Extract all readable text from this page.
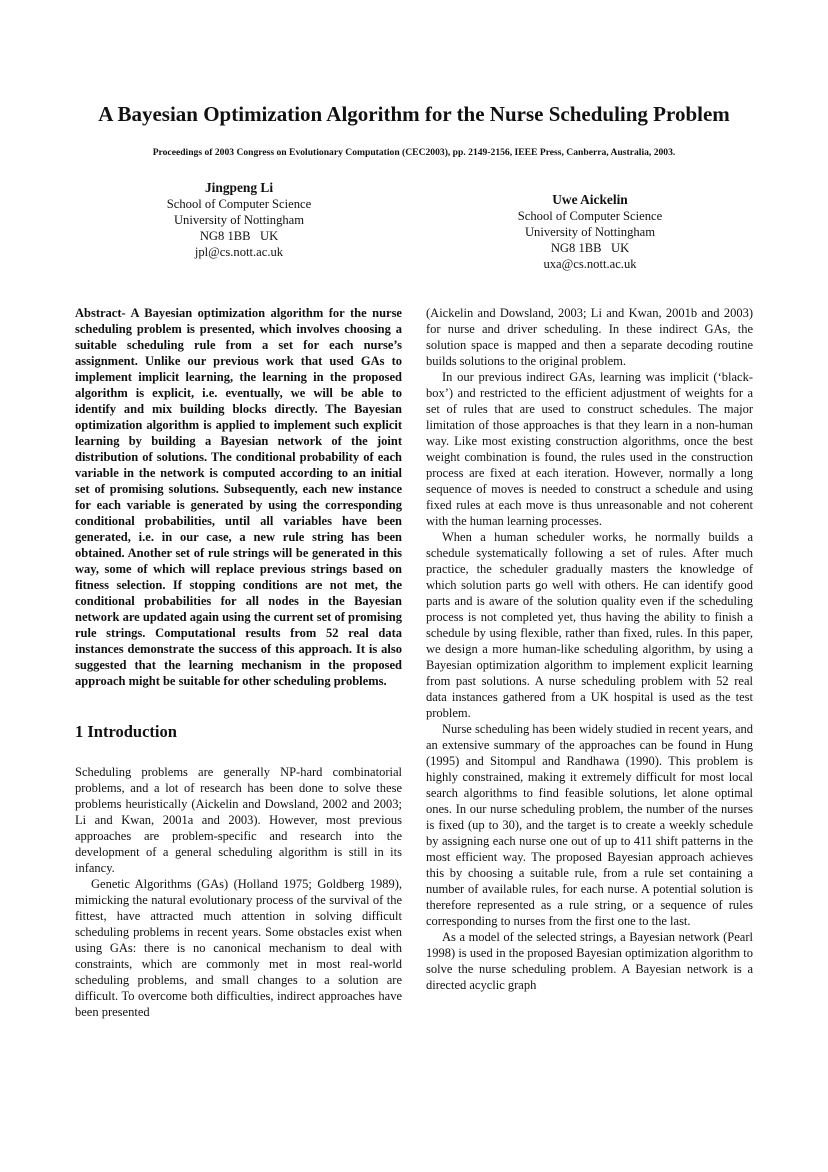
A Bayesian Optimization Algorithm for the Nurse Scheduling Problem
Proceedings of 2003 Congress on Evolutionary Computation (CEC2003), pp. 2149-2156, IEEE Press, Canberra, Australia, 2003.
Jingpeng Li
School of Computer Science
University of Nottingham
NG8 1BB   UK
jpl@cs.nott.ac.uk
Uwe Aickelin
School of Computer Science
University of Nottingham
NG8 1BB   UK
uxa@cs.nott.ac.uk

Abstract- A Bayesian optimization algorithm for the nurse scheduling problem is presented, which involves choosing a suitable scheduling rule from a set for each nurse’s assignment. Unlike our previous work that used GAs to implement implicit learning, the learning in the proposed algorithm is explicit, i.e. eventually, we will be able to identify and mix building blocks directly. The Bayesian optimization algorithm is applied to implement such explicit learning by building a Bayesian network of the joint distribution of solutions. The conditional probability of each variable in the network is computed according to an initial set of promising solutions. Subsequently, each new instance for each variable is generated by using the corresponding conditional probabilities, until all variables have been generated, i.e. in our case, a new rule string has been obtained. Another set of rule strings will be generated in this way, some of which will replace previous strings based on fitness selection. If stopping conditions are not met, the conditional probabilities for all nodes in the Bayesian network are updated again using the current set of promising rule strings. Computational results from 52 real data instances demonstrate the success of this approach. It is also suggested that the learning mechanism in the proposed approach might be suitable for other scheduling problems.

1 Introduction

Scheduling problems are generally NP-hard combinatorial problems, and a lot of research has been done to solve these problems heuristically (Aickelin and Dowsland, 2002 and 2003; Li and Kwan, 2001a and 2003). However, most previous approaches are problem-specific and research into the development of a general scheduling algorithm is still in its infancy.

Genetic Algorithms (GAs) (Holland 1975; Goldberg 1989), mimicking the natural evolutionary process of the survival of the fittest, have attracted much attention in solving difficult scheduling problems in recent years. Some obstacles exist when using GAs: there is no canonical mechanism to deal with constraints, which are commonly met in most real-world scheduling problems, and small changes to a solution are difficult. To overcome both difficulties, indirect approaches have been presented

(Aickelin and Dowsland, 2003; Li and Kwan, 2001b and 2003) for nurse and driver scheduling. In these indirect GAs, the solution space is mapped and then a separate decoding routine builds solutions to the original problem.

In our previous indirect GAs, learning was implicit (‘black-box’) and restricted to the efficient adjustment of weights for a set of rules that are used to construct schedules. The major limitation of those approaches is that they learn in a non-human way. Like most existing construction algorithms, once the best weight combination is found, the rules used in the construction process are fixed at each iteration. However, normally a long sequence of moves is needed to construct a schedule and using fixed rules at each move is thus unreasonable and not coherent with the human learning processes.

When a human scheduler works, he normally builds a schedule systematically following a set of rules. After much practice, the scheduler gradually masters the knowledge of which solution parts go well with others. He can identify good parts and is aware of the solution quality even if the scheduling process is not completed yet, thus having the ability to finish a schedule by using flexible, rather than fixed, rules. In this paper, we design a more human-like scheduling algorithm, by using a Bayesian optimization algorithm to implement explicit learning from past solutions. A nurse scheduling problem with 52 real data instances gathered from a UK hospital is used as the test problem.

Nurse scheduling has been widely studied in recent years, and an extensive summary of the approaches can be found in Hung (1995) and Sitompul and Randhawa (1990). This problem is highly constrained, making it extremely difficult for most local search algorithms to find feasible solutions, let alone optimal ones. In our nurse scheduling problem, the number of the nurses is fixed (up to 30), and the target is to create a weekly schedule by assigning each nurse one out of up to 411 shift patterns in the most efficient way. The proposed Bayesian approach achieves this by choosing a suitable rule, from a rule set containing a number of available rules, for each nurse. A potential solution is therefore represented as a rule string, or a sequence of rules corresponding to nurses from the first one to the last.

As a model of the selected strings, a Bayesian network (Pearl 1998) is used in the proposed Bayesian optimization algorithm to solve the nurse scheduling problem. A Bayesian network is a directed acyclic graph
